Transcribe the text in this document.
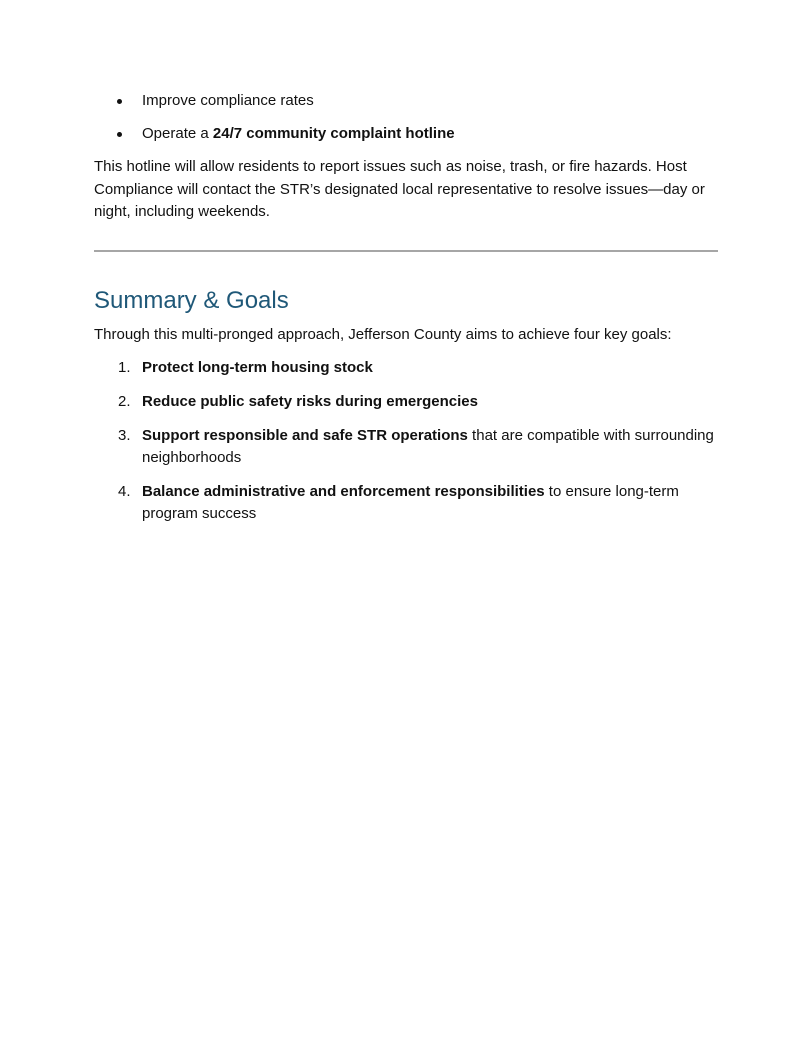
Improve compliance rates
Operate a 24/7 community complaint hotline

This hotline will allow residents to report issues such as noise, trash, or fire hazards. Host Compliance will contact the STR’s designated local representative to resolve issues—day or night, including weekends.

Summary & Goals

Through this multi-pronged approach, Jefferson County aims to achieve four key goals:

1. Protect long-term housing stock
2. Reduce public safety risks during emergencies
3. Support responsible and safe STR operations that are compatible with surrounding neighborhoods
4. Balance administrative and enforcement responsibilities to ensure long-term program success
